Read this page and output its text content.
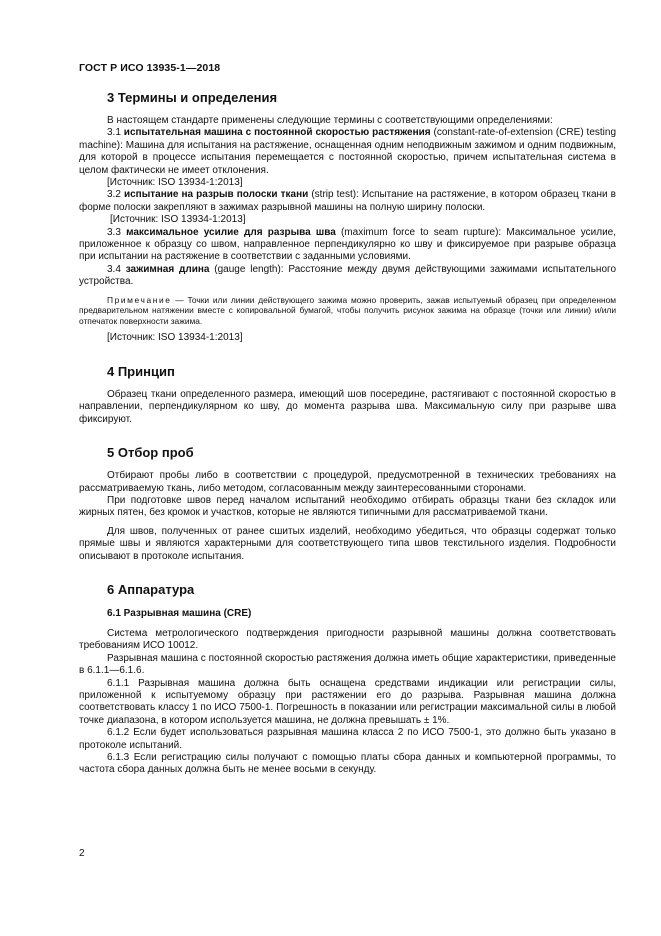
ГОСТ Р ИСО 13935-1—2018
3 Термины и определения

В настоящем стандарте применены следующие термины с соответствующими определениями:

3.1 испытательная машина с постоянной скоростью растяжения (constant-rate-of-extension (CRE) testing machine): Машина для испытания на растяжение, оснащенная одним неподвижным зажимом и одним подвижным, для которой в процессе испытания перемещается с постоянной скоростью, причем испытательная система в целом фактически не имеет отклонения.

[Источник: ISO 13934-1:2013]

3.2 испытание на разрыв полоски ткани (strip test): Испытание на растяжение, в котором образец ткани в форме полоски закрепляют в зажимах разрывной машины на полную ширину полоски.

[Источник: ISO 13934-1:2013]

3.3 максимальное усилие для разрыва шва (maximum force to seam rupture): Максимальное усилие, приложенное к образцу со швом, направленное перпендикулярно ко шву и фиксируемое при разрыве образца при испытании на растяжение в соответствии с заданными условиями.

3.4 зажимная длина (gauge length): Расстояние между двумя действующими зажимами испытательного устройства.

Примечание — Точки или линии действующего зажима можно проверить, зажав испытуемый образец при определенном предварительном натяжении вместе с копировальной бумагой, чтобы получить рисунок зажима на образце (точки или линии) и/или отпечаток поверхности зажима.

[Источник: ISO 13934-1:2013]

4 Принцип

Образец ткани определенного размера, имеющий шов посередине, растягивают с постоянной скоростью в направлении, перпендикулярном ко шву, до момента разрыва шва. Максимальную силу при разрыве шва фиксируют.

5 Отбор проб

Отбирают пробы либо в соответствии с процедурой, предусмотренной в технических требованиях на рассматриваемую ткань, либо методом, согласованным между заинтересованными сторонами.

При подготовке швов перед началом испытаний необходимо отбирать образцы ткани без складок или жирных пятен, без кромок и участков, которые не являются типичными для рассматриваемой ткани.

Для швов, полученных от ранее сшитых изделий, необходимо убедиться, что образцы содержат только прямые швы и являются характерными для соответствующего типа швов текстильного изделия. Подробности описывают в протоколе испытания.

6 Аппаратура
6.1 Разрывная машина (CRE)

Система метрологического подтверждения пригодности разрывной машины должна соответствовать требованиям ИСО 10012.

Разрывная машина с постоянной скоростью растяжения должна иметь общие характеристики, приведенные в 6.1.1—6.1.6.

6.1.1 Разрывная машина должна быть оснащена средствами индикации или регистрации силы, приложенной к испытуемому образцу при растяжении его до разрыва. Разрывная машина должна соответствовать классу 1 по ИСО 7500-1. Погрешность в показании или регистрации максимальной силы в любой точке диапазона, в котором используется машина, не должна превышать ± 1%.

6.1.2 Если будет использоваться разрывная машина класса 2 по ИСО 7500-1, это должно быть указано в протоколе испытаний.

6.1.3 Если регистрацию силы получают с помощью платы сбора данных и компьютерной программы, то частота сбора данных должна быть не менее восьми в секунду.

2
